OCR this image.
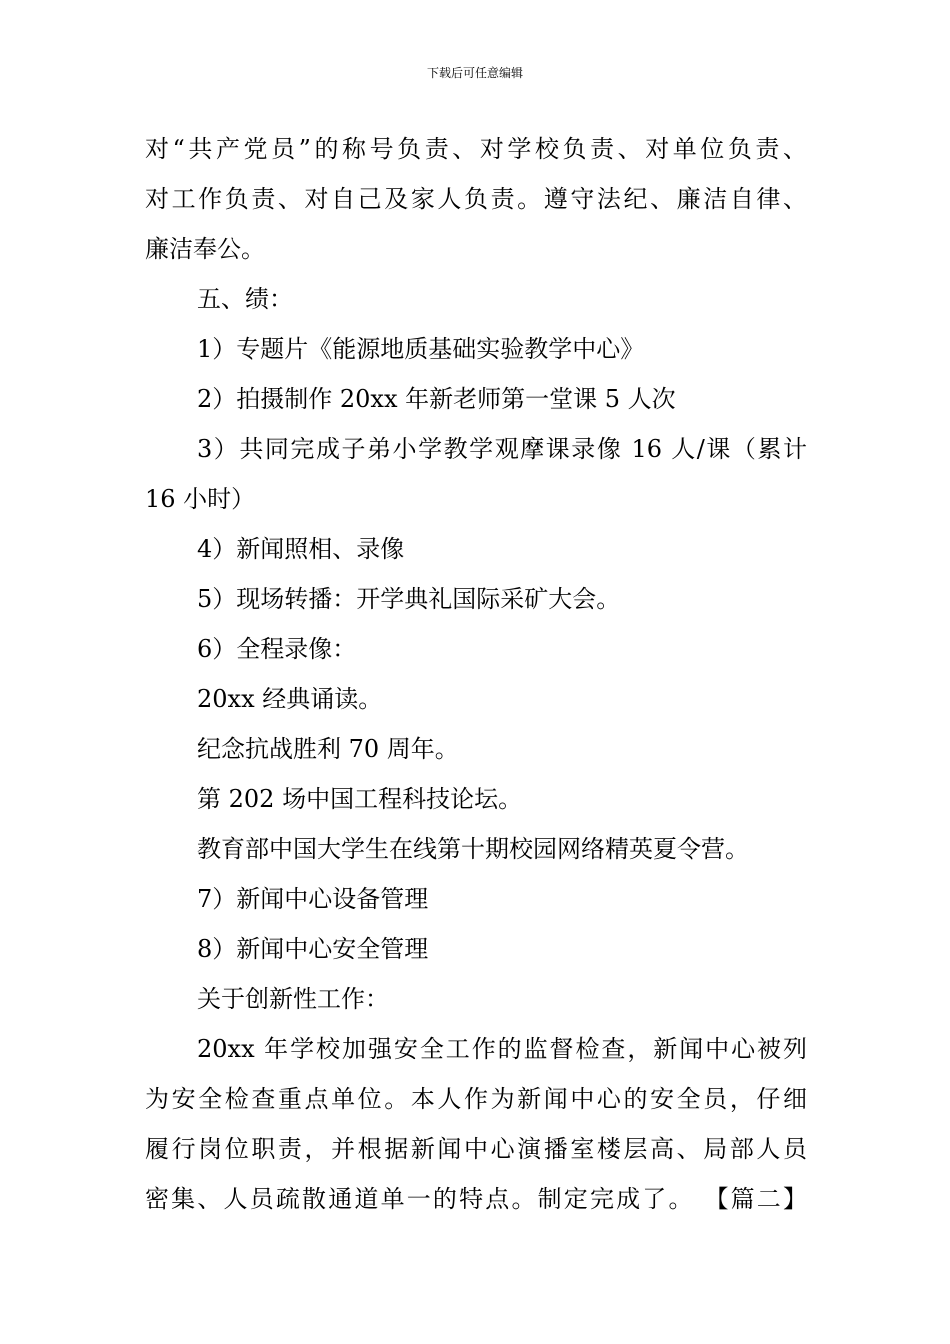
下载后可任意编辑
对“共产党员”的称号负责、对学校负责、对单位负责、
对工作负责、对自己及家人负责。遵守法纪、廉洁自律、
廉洁奉公。
五、绩：
1）专题片《能源地质基础实验教学中心》
2）拍摄制作 20xx 年新老师第一堂课 5 人次
3）共同完成子弟小学教学观摩课录像 16 人/课（累计
16 小时）
4）新闻照相、录像
5）现场转播：开学典礼国际采矿大会。
6）全程录像：
20xx 经典诵读。
纪念抗战胜利 70 周年。
第 202 场中国工程科技论坛。
教育部中国大学生在线第十期校园网络精英夏令营。
7）新闻中心设备管理
8）新闻中心安全管理
关于创新性工作：
20xx 年学校加强安全工作的监督检查，新闻中心被列
为安全检查重点单位。本人作为新闻中心的安全员，仔细
履行岗位职责，并根据新闻中心演播室楼层高、局部人员
密集、人员疏散通道单一的特点。制定完成了。 【篇二】
